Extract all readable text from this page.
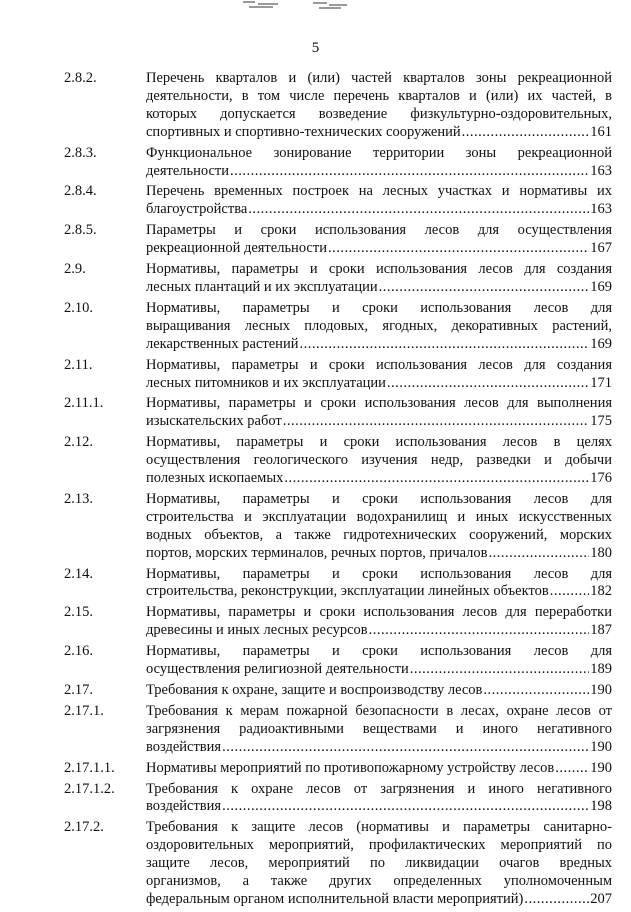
5
2.8.2.	Перечень кварталов и (или) частей кварталов зоны рекреационной
деятельности, в том числе перечень кварталов и (или) их частей, в
которых допускается возведение физкультурно-оздоровительных,
спортивных и спортивно-технических сооружений .....	161
2.8.3.	Функциональное зонирование территории зоны рекреационной
деятельности .....	163
2.8.4.	Перечень временных построек на лесных участках и нормативы их
благоустройства .....	163
2.8.5.	Параметры и сроки использования лесов для осуществления
рекреационной деятельности .....	167
2.9.	Нормативы, параметры и сроки использования лесов для создания
лесных плантаций и их эксплуатации .....	169
2.10.	Нормативы, параметры и сроки использования лесов для
выращивания лесных плодовых, ягодных, декоративных растений,
лекарственных растений .....	169
2.11.	Нормативы, параметры и сроки использования лесов для создания
лесных питомников и их эксплуатации .....	171
2.11.1.	Нормативы, параметры и сроки использования лесов для выполнения
изыскательских работ .....	175
2.12.	Нормативы, параметры и сроки использования лесов в целях
осуществления геологического изучения недр, разведки и добычи
полезных ископаемых .....	176
2.13.	Нормативы, параметры и сроки использования лесов для
строительства и эксплуатации водохранилищ и иных искусственных
водных объектов, а также гидротехнических сооружений, морских
портов, морских терминалов, речных портов, причалов .....	180
2.14.	Нормативы, параметры и сроки использования лесов для
строительства, реконструкции, эксплуатации линейных объектов .....	182
2.15.	Нормативы, параметры и сроки использования лесов для переработки
древесины и иных лесных ресурсов .....	187
2.16.	Нормативы, параметры и сроки использования лесов для
осуществления религиозной деятельности .....	189
2.17.	Требования к охране, защите и воспроизводству лесов .....	190
2.17.1.	Требования к мерам пожарной безопасности в лесах, охране лесов от
загрязнения радиоактивными веществами и иного негативного
воздействия .....	190
2.17.1.1. Нормативы мероприятий по противопожарному устройству лесов ..... 190
2.17.1.2. Требования к охране лесов от загрязнения и иного негативного
воздействия .....	198
2.17.2.	Требования к защите лесов (нормативы и параметры санитарно-
оздоровительных мероприятий, профилактических мероприятий по
защите лесов, мероприятий по ликвидации очагов вредных
организмов, а также других определенных уполномоченным
федеральным органом исполнительной власти мероприятий) .....	207
